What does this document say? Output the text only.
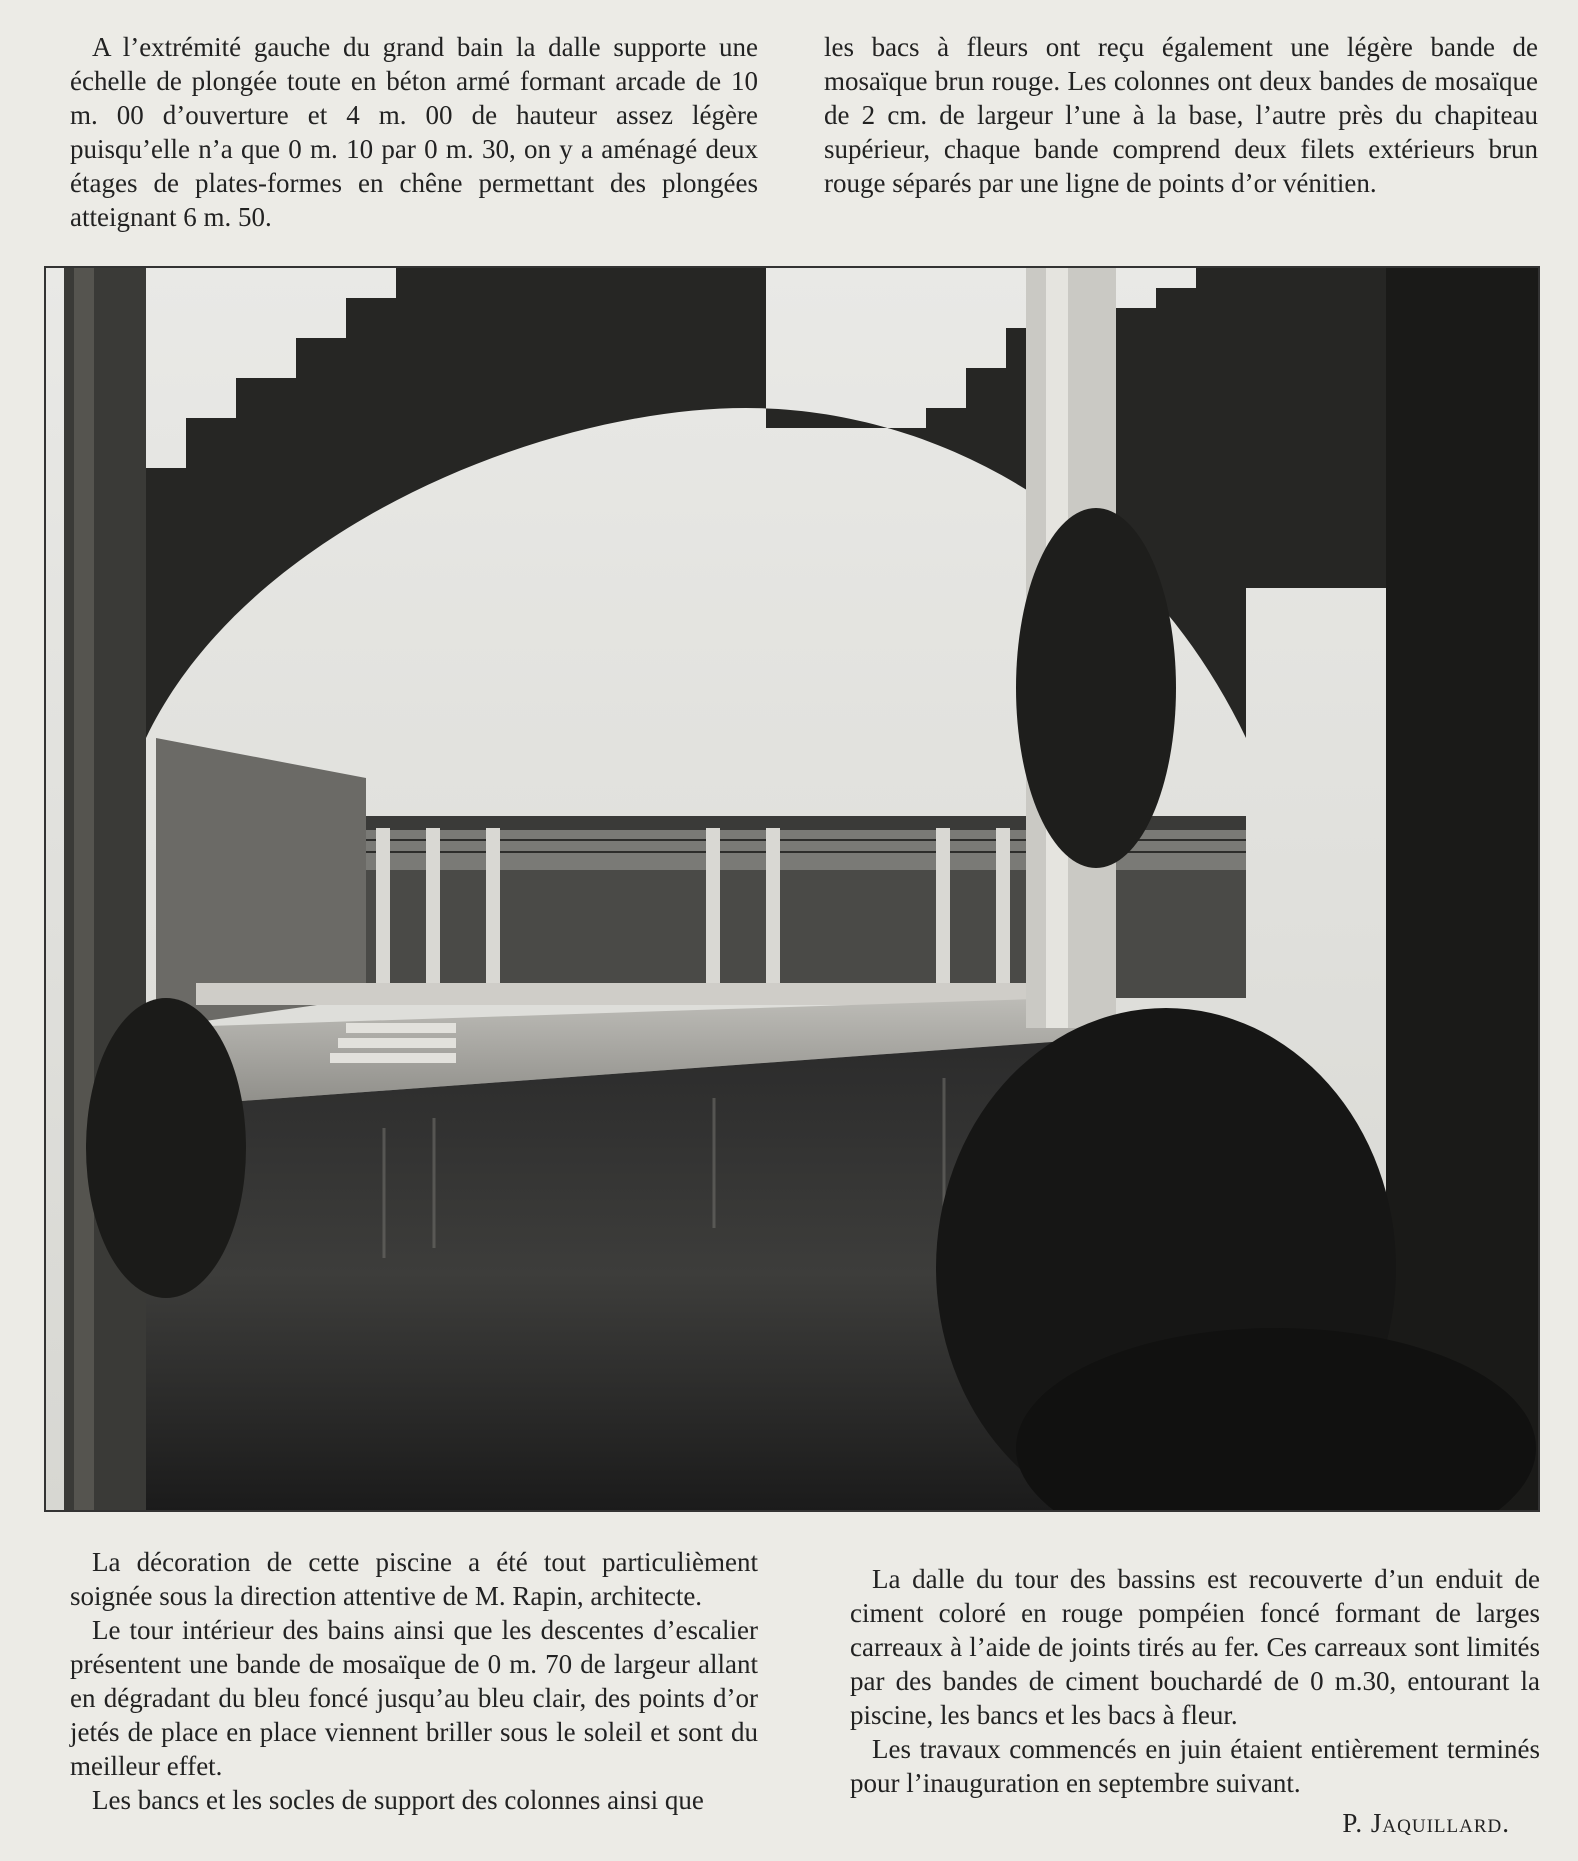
A l’extrémité gauche du grand bain la dalle supporte une échelle de plongée toute en béton armé formant arcade de 10 m. 00 d’ouverture et 4 m. 00 de hauteur assez légère puisqu’elle n’a que 0 m. 10 par 0 m. 30, on y a aménagé deux étages de plates-formes en chêne permettant des plongées atteignant 6 m. 50.

les bacs à fleurs ont reçu également une légère bande de mosaïque brun rouge. Les colonnes ont deux bandes de mosaïque de 2 cm. de largeur l’une à la base, l’autre près du chapiteau supérieur, chaque bande comprend deux filets extérieurs brun rouge séparés par une ligne de points d’or vénitien.

La décoration de cette piscine a été tout particulièment soignée sous la direction attentive de M. Rapin, architecte.

Le tour intérieur des bains ainsi que les descentes d’escalier présentent une bande de mosaïque de 0 m. 70 de largeur allant en dégradant du bleu foncé jusqu’au bleu clair, des points d’or jetés de place en place viennent briller sous le soleil et sont du meilleur effet.

Les bancs et les socles de support des colonnes ainsi que

La dalle du tour des bassins est recouverte d’un enduit de ciment coloré en rouge pompéien foncé formant de larges carreaux à l’aide de joints tirés au fer. Ces carreaux sont limités par des bandes de ciment bouchardé de 0 m.30, entourant la piscine, les bancs et les bacs à fleur.

Les travaux commencés en juin étaient entièrement terminés pour l’inauguration en septembre suivant.

P. Jaquillard.
